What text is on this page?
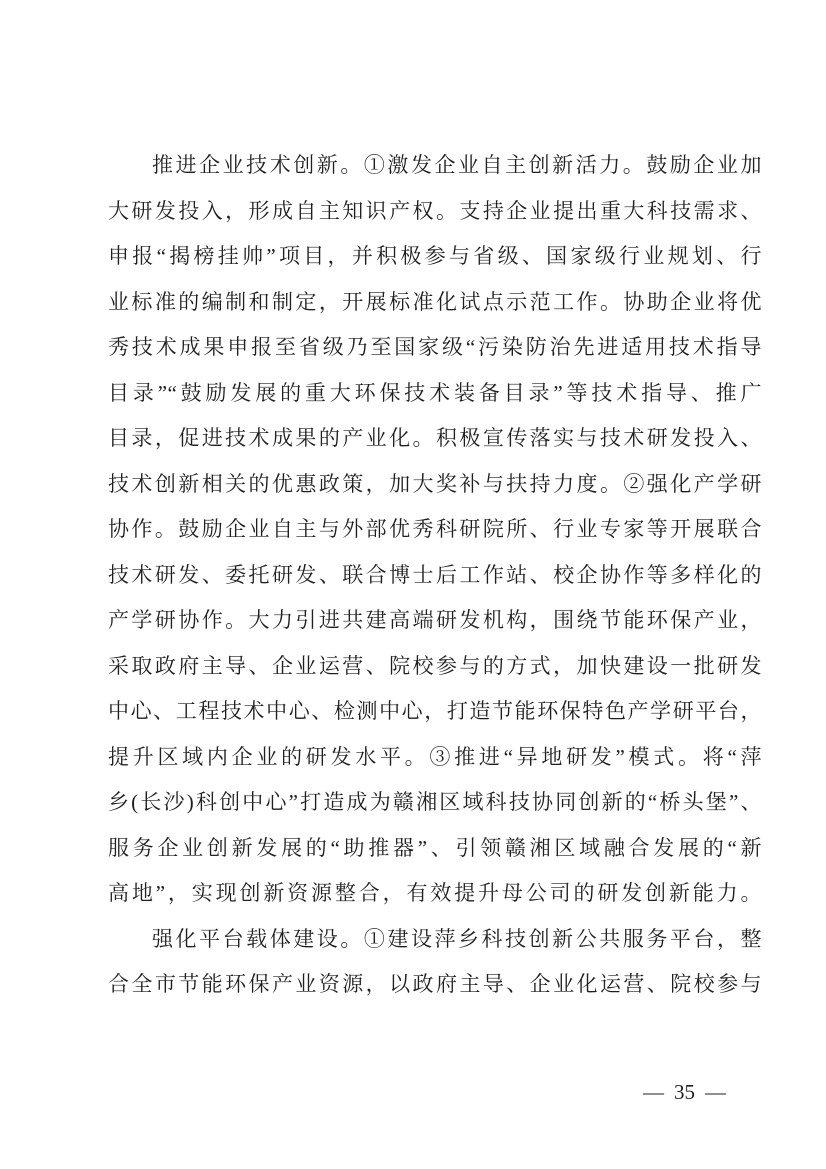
推进企业技术创新。①激发企业自主创新活力。鼓励企业加
大研发投入，形成自主知识产权。支持企业提出重大科技需求、
申报“揭榜挂帅”项目，并积极参与省级、国家级行业规划、行
业标准的编制和制定，开展标准化试点示范工作。协助企业将优
秀技术成果申报至省级乃至国家级“污染防治先进适用技术指导
目录”“鼓励发展的重大环保技术装备目录”等技术指导、推广
目录，促进技术成果的产业化。积极宣传落实与技术研发投入、
技术创新相关的优惠政策，加大奖补与扶持力度。②强化产学研
协作。鼓励企业自主与外部优秀科研院所、行业专家等开展联合
技术研发、委托研发、联合博士后工作站、校企协作等多样化的
产学研协作。大力引进共建高端研发机构，围绕节能环保产业，
采取政府主导、企业运营、院校参与的方式，加快建设一批研发
中心、工程技术中心、检测中心，打造节能环保特色产学研平台，
提升区域内企业的研发水平。③推进“异地研发”模式。将“萍
乡(长沙)科创中心”打造成为赣湘区域科技协同创新的“桥头堡”、
服务企业创新发展的“助推器”、引领赣湘区域融合发展的“新
高地”，实现创新资源整合，有效提升母公司的研发创新能力。
强化平台载体建设。①建设萍乡科技创新公共服务平台，整
合全市节能环保产业资源，以政府主导、企业化运营、院校参与
— 35 —
